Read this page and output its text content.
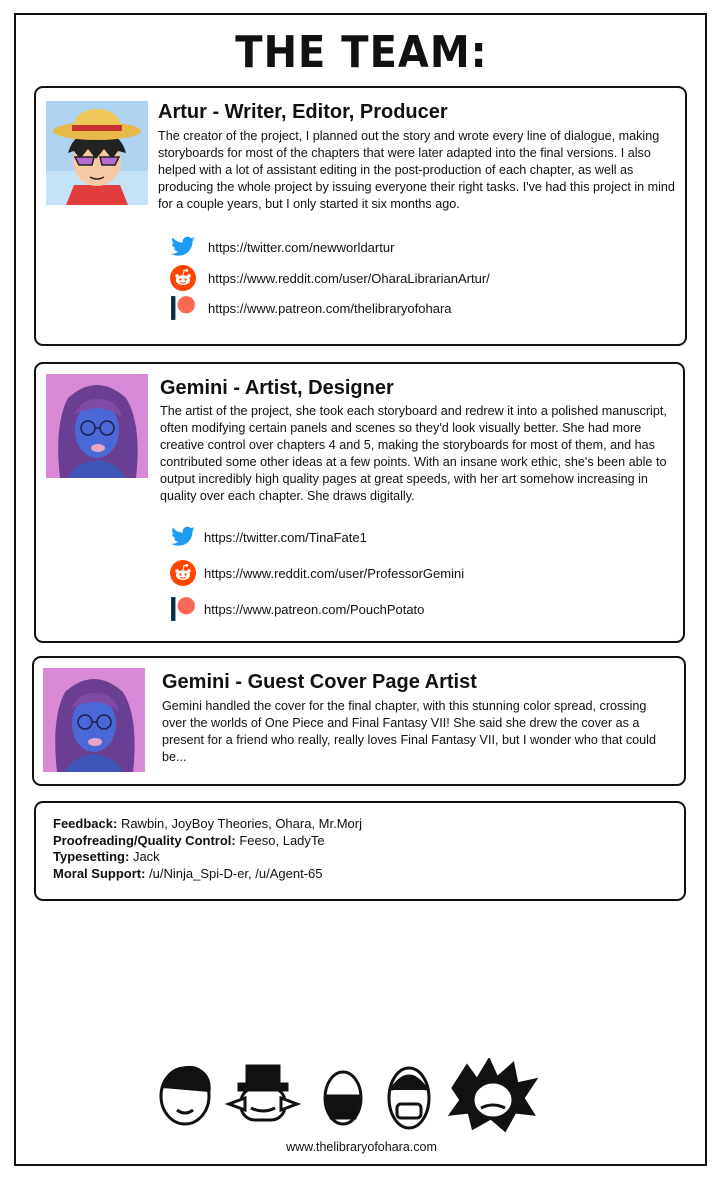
THE TEAM:
Artur - Writer, Editor, Producer
The creator of the project, I planned out the story and wrote every line of dialogue, making storyboards for most of the chapters that were later adapted into the final versions. I also helped with a lot of assistant editing in the post-production of each chapter, as well as producing the whole project by issuing everyone their right tasks. I've had this project in mind for a couple years, but I only started it six months ago.
https://twitter.com/newworldartur
https://www.reddit.com/user/OharaLibrarianArtur/
https://www.patreon.com/thelibraryofohara
Gemini - Artist, Designer
The artist of the project, she took each storyboard and redrew it into a polished manuscript, often modifying certain panels and scenes so they'd look visually better. She had more creative control over chapters 4 and 5, making the storyboards for most of them, and has contributed some other ideas at a few points. With an insane work ethic, she's been able to output incredibly high quality pages at great speeds, with her art somehow increasing in quality over each chapter. She draws digitally.
https://twitter.com/TinaFate1
https://www.reddit.com/user/ProfessorGemini
https://www.patreon.com/PouchPotato
Gemini - Guest Cover Page Artist
Gemini handled the cover for the final chapter, with this stunning color spread, crossing over the worlds of One Piece and Final Fantasy VII! She said she drew the cover as a present for a friend who really, really loves Final Fantasy VII, but I wonder who that could be...
Feedback: Rawbin, JoyBoy Theories, Ohara, Mr.Morj
Proofreading/Quality Control: Feeso, LadyTe
Typesetting: Jack
Moral Support: /u/Ninja_Spi-D-er, /u/Agent-65
www.thelibraryofohara.com
